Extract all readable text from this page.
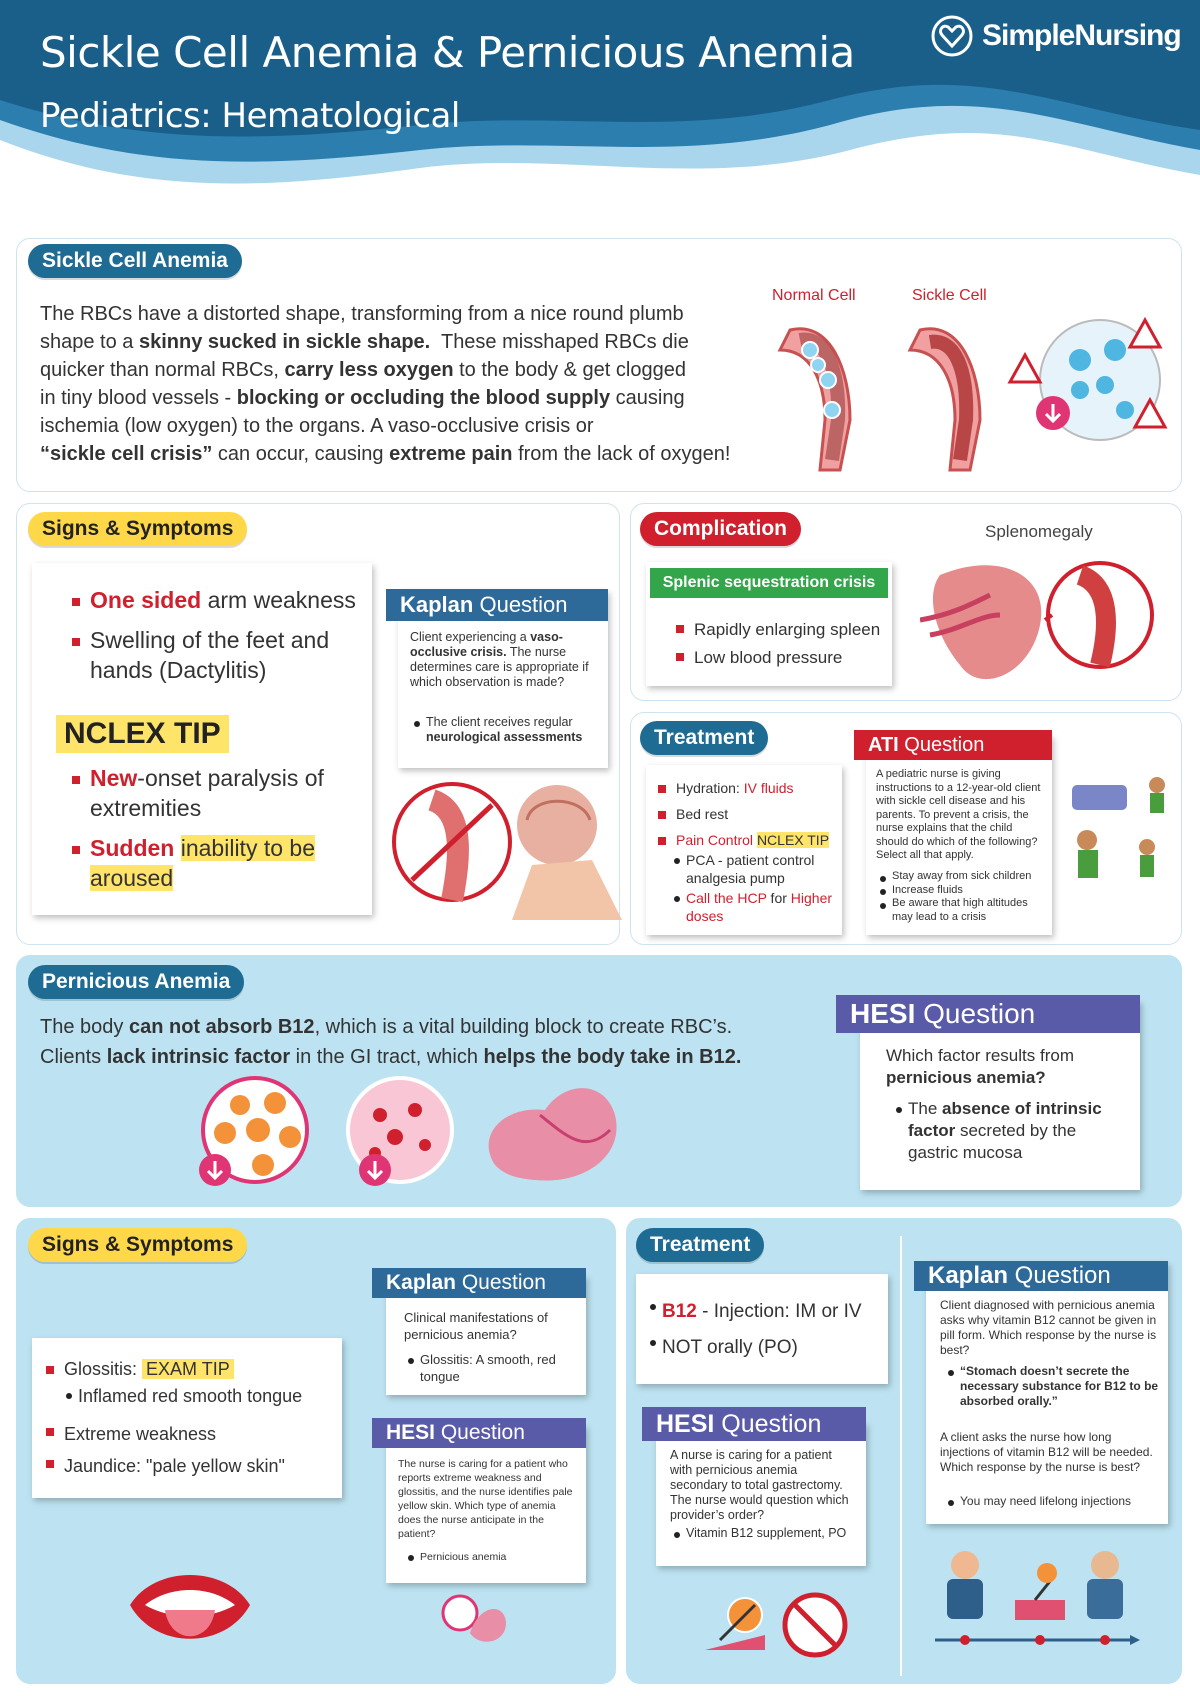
Sickle Cell Anemia & Pernicious Anemia
Pediatrics: Hematological
SimpleNursing
Sickle Cell Anemia
The RBCs have a distorted shape, transforming from a nice round plumb
shape to a skinny sucked in sickle shape.  These misshaped RBCs die
quicker than normal RBCs, carry less oxygen to the body & get clogged
in tiny blood vessels - blocking or occluding the blood supply causing
ischemia (low oxygen) to the organs. A vaso-occlusive crisis or
“sickle cell crisis” can occur, causing extreme pain from the lack of oxygen!
Normal Cell	Sickle Cell
Signs & Symptoms
One sided arm weakness
Swelling of the feet and hands (Dactylitis)
NCLEX TIP
New-onset paralysis of extremities
Sudden inability to be aroused
Kaplan Question
Client experiencing a vaso-occlusive crisis. The nurse determines care is appropriate if which observation is made?
The client receives regular neurological assessments
Complication
Splenic sequestration crisis
Rapidly enlarging spleen
Low blood pressure
Splenomegaly
Treatment
Hydration: IV fluids
Bed rest
Pain Control NCLEX TIP
PCA - patient control analgesia pump
Call the HCP for Higher doses
ATI Question
A pediatric nurse is giving instructions to a 12-year-old client with sickle cell disease and his parents. To prevent a crisis, the nurse explains that the child should do which of the following? Select all that apply.
Stay away from sick children
Increase fluids
Be aware that high altitudes may lead to a crisis
Pernicious Anemia
The body can not absorb B12, which is a vital building block to create RBC’s.
Clients lack intrinsic factor in the GI tract, which helps the body take in B12.
HESI Question
Which factor results from pernicious anemia?
The absence of intrinsic factor secreted by the gastric mucosa
Signs & Symptoms
Glossitis: EXAM TIP
Inflamed red smooth tongue
Extreme weakness
Jaundice: "pale yellow skin"
Kaplan Question
Clinical manifestations of pernicious anemia?
Glossitis: A smooth, red tongue
HESI Question
The nurse is caring for a patient who reports extreme weakness and glossitis, and the nurse identifies pale yellow skin. Which type of anemia does the nurse anticipate in the patient?
Pernicious anemia
Treatment
B12 - Injection: IM or IV
NOT orally (PO)
HESI Question
A nurse is caring for a patient with pernicious anemia secondary to total gastrectomy. The nurse would question which provider’s order?
Vitamin B12 supplement, PO
Kaplan Question
Client diagnosed with pernicious anemia asks why vitamin B12 cannot be given in pill form. Which response by the nurse is best?
“Stomach doesn’t secrete the necessary substance for B12 to be absorbed orally.”
A client asks the nurse how long injections of vitamin B12 will be needed. Which response by the nurse is best?
You may need lifelong injections
